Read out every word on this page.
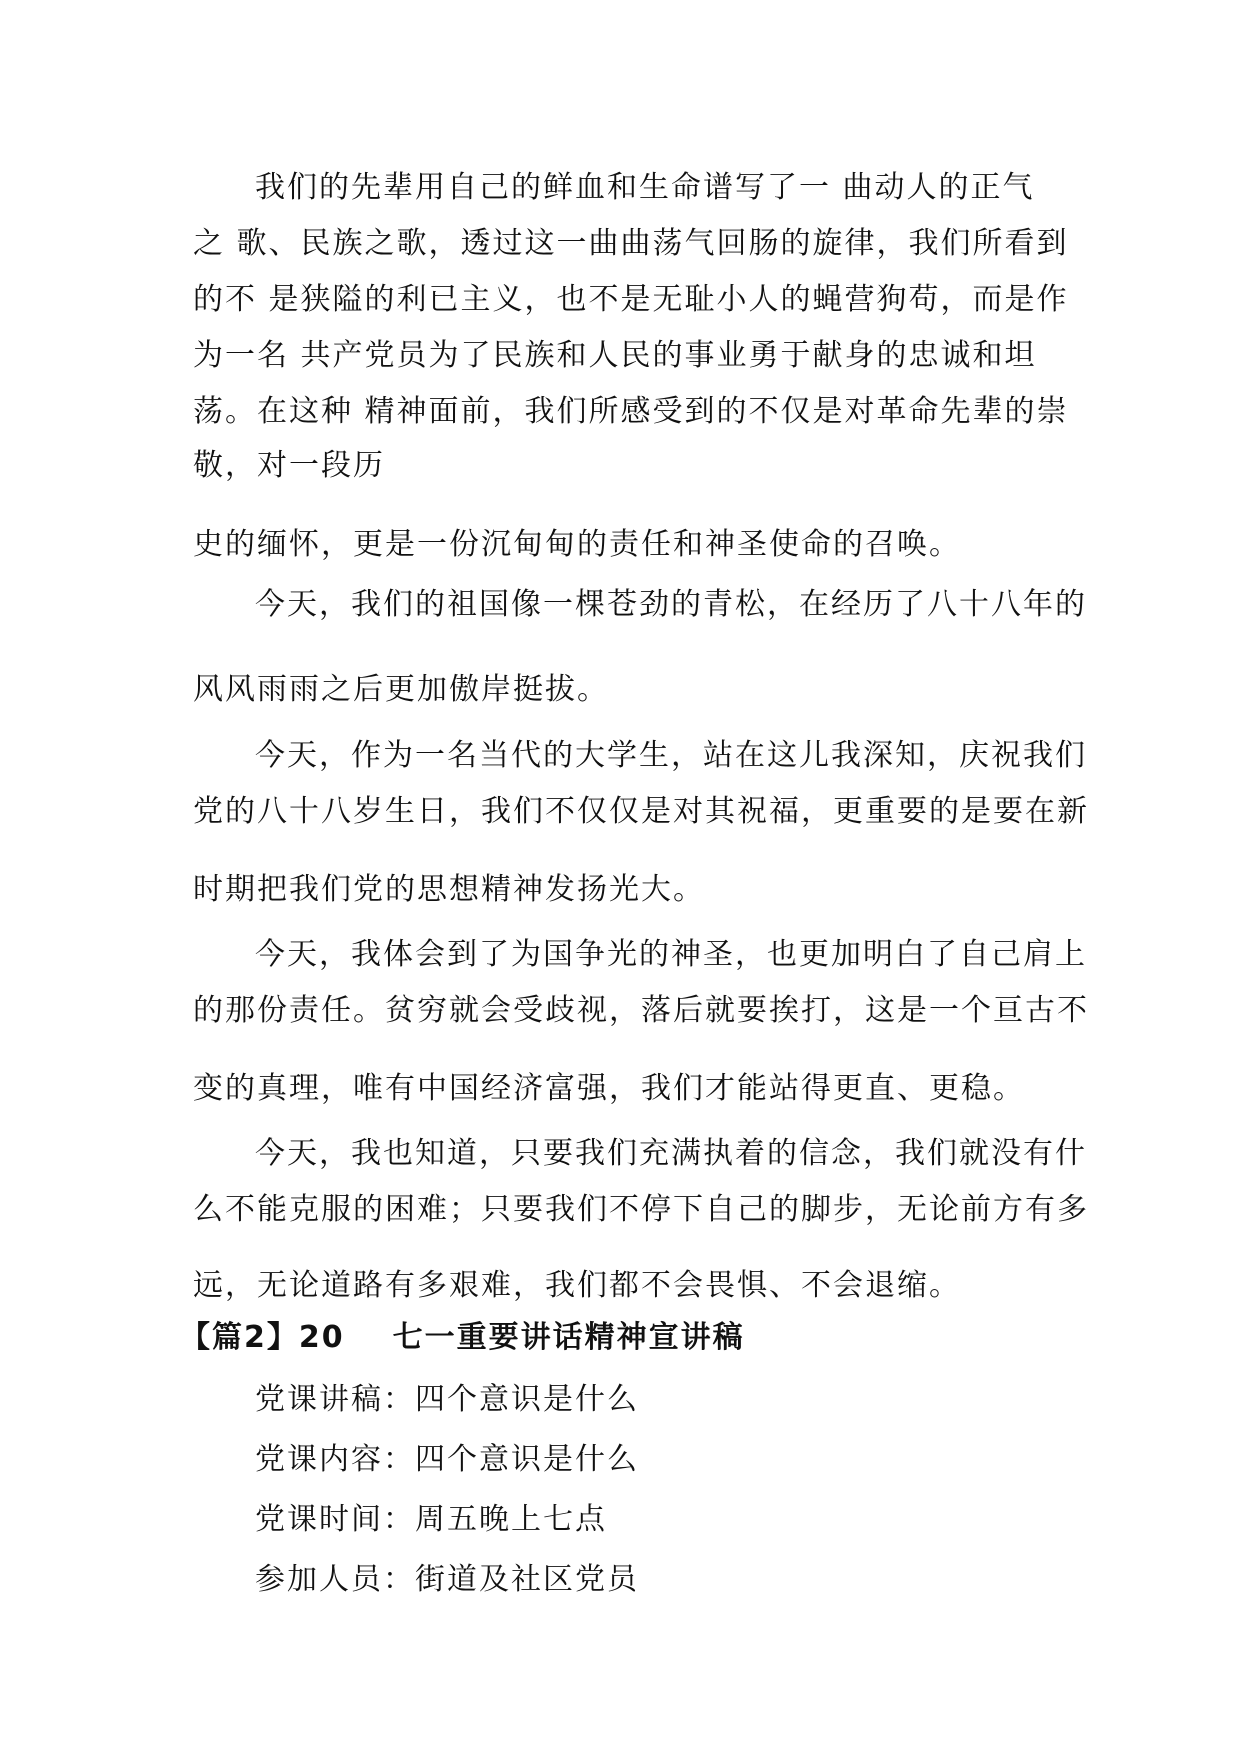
我们的先辈用自己的鲜血和生命谱写了一 曲动人的正气
之 歌、民族之歌，透过这一曲曲荡气回肠的旋律，我们所看到
的不 是狭隘的利已主义，也不是无耻小人的蝇营狗苟，而是作
为一名 共产党员为了民族和人民的事业勇于献身的忠诚和坦
荡。在这种 精神面前，我们所感受到的不仅是对革命先辈的崇
敬，对一段历
史的缅怀，更是一份沉甸甸的责任和神圣使命的召唤。
今天，我们的祖国像一棵苍劲的青松，在经历了八十八年的
风风雨雨之后更加傲岸挺拔。
今天，作为一名当代的大学生，站在这儿我深知，庆祝我们
党的八十八岁生日，我们不仅仅是对其祝福，更重要的是要在新
时期把我们党的思想精神发扬光大。
今天，我体会到了为国争光的神圣，也更加明白了自己肩上
的那份责任。贫穷就会受歧视，落后就要挨打，这是一个亘古不
变的真理，唯有中国经济富强，我们才能站得更直、更稳。
今天，我也知道，只要我们充满执着的信念，我们就没有什
么不能克服的困难；只要我们不停下自己的脚步，无论前方有多
远，无论道路有多艰难，我们都不会畏惧、不会退缩。
【篇2】20 七一重要讲话精神宣讲稿
党课讲稿：四个意识是什么
党课内容：四个意识是什么
党课时间：周五晚上七点
参加人员：街道及社区党员
